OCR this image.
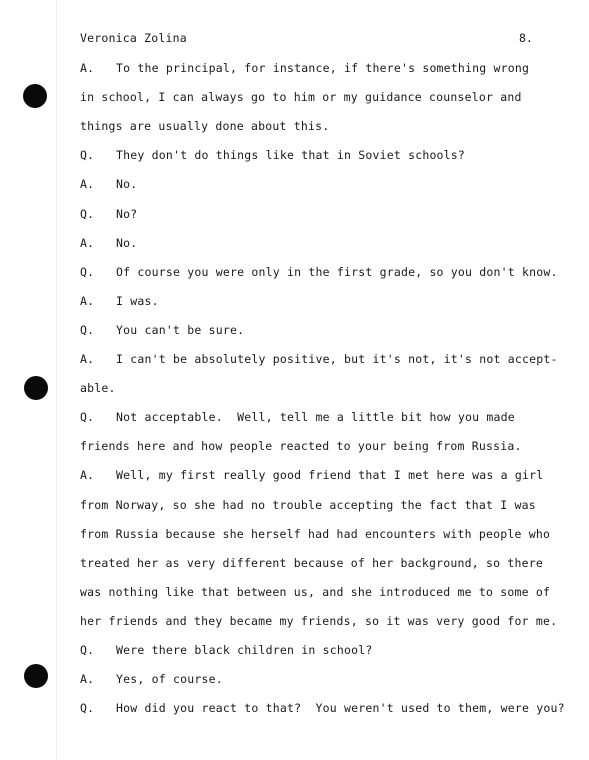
Veronica Zolina	8.
A. To the principal, for instance, if there's something wrong
in school, I can always go to him or my guidance counselor and
things are usually done about this.
Q. They don't do things like that in Soviet schools?
A. No.
Q. No?
A. No.
Q. Of course you were only in the first grade, so you don't know.
A. I was.
Q. You can't be sure.
A. I can't be absolutely positive, but it's not, it's not accept-
able.
Q. Not acceptable.  Well, tell me a little bit how you made
friends here and how people reacted to your being from Russia.
A. Well, my first really good friend that I met here was a girl
from Norway, so she had no trouble accepting the fact that I was
from Russia because she herself had had encounters with people who
treated her as very different because of her background, so there
was nothing like that between us, and she introduced me to some of
her friends and they became my friends, so it was very good for me.
Q. Were there black children in school?
A. Yes, of course.
Q. How did you react to that?  You weren't used to them, were you?
